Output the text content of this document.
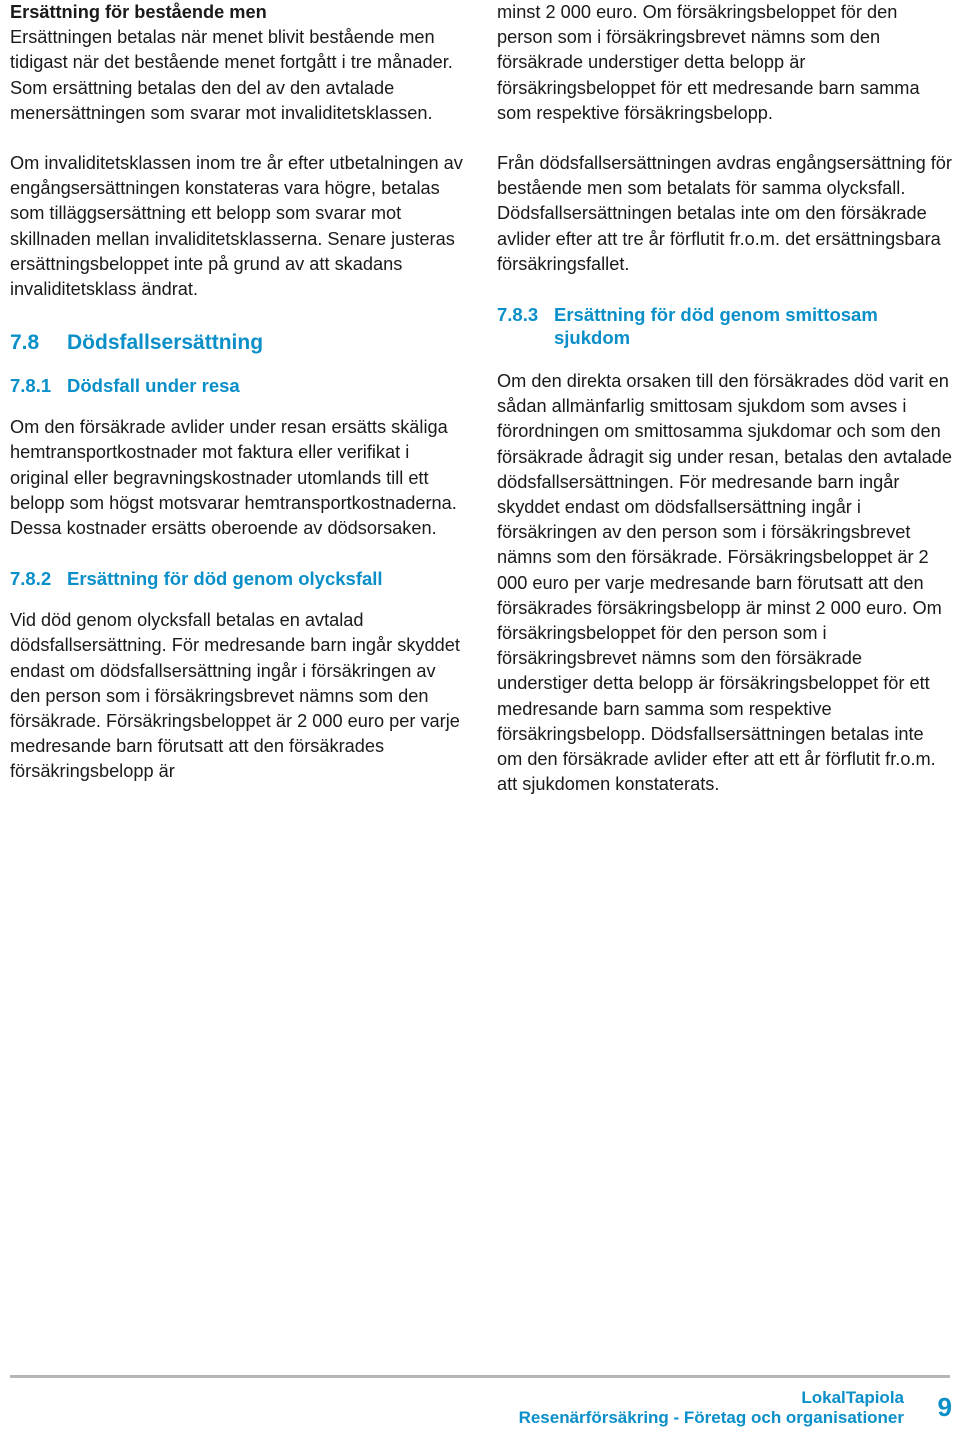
Ersättning för bestående men

Ersättningen betalas när menet blivit bestående men tidigast när det bestående menet fortgått i tre månader. Som ersättning betalas den del av den avtalade menersättningen som svarar mot invaliditetsklassen.

Om invaliditetsklassen inom tre år efter utbetalningen av engångsersättningen konstateras vara högre, betalas som tilläggsersättning ett belopp som svarar mot skillnaden mellan invaliditetsklasserna. Senare justeras ersättningsbeloppet inte på grund av att skadans invaliditetsklass ändrat.

7.8	Dödsfallsersättning
7.8.1 Dödsfall under resa

Om den försäkrade avlider under resan ersätts skäliga hemtransportkostnader mot faktura eller verifikat i original eller begravningskostnader utomlands till ett belopp som högst motsvarar hemtransportkostnaderna. Dessa kostnader ersätts oberoende av dödsorsaken.

7.8.2 Ersättning för död genom olycksfall

Vid död genom olycksfall betalas en avtalad dödsfallsersättning. För medresande barn ingår skyddet endast om dödsfallsersättning ingår i försäkringen av den person som i försäkringsbrevet nämns som den försäkrade. Försäkringsbeloppet är 2 000 euro per varje medresande barn förutsatt att den försäkrades försäkringsbelopp är

minst 2 000 euro. Om försäkringsbeloppet för den person som i försäkringsbrevet nämns som den försäkrade understiger detta belopp är försäkringsbeloppet för ett medresande barn samma som respektive försäkringsbelopp.

Från dödsfallsersättningen avdras engångsersättning för bestående men som betalats för samma olycksfall. Dödsfallsersättningen betalas inte om den försäkrade avlider efter att tre år förflutit fr.o.m. det ersättningsbara försäkringsfallet.

7.8.3 Ersättning för död genom smittosam sjukdom

Om den direkta orsaken till den försäkrades död varit en sådan allmänfarlig smittosam sjukdom som avses i förordningen om smittosamma sjukdomar och som den försäkrade ådragit sig under resan, betalas den avtalade dödsfallsersättningen. För medresande barn ingår skyddet endast om dödsfallsersättning ingår i försäkringen av den person som i försäkringsbrevet nämns som den försäkrade. Försäkringsbeloppet är 2 000 euro per varje medresande barn förutsatt att den försäkrades försäkringsbelopp är minst 2 000 euro. Om försäkringsbeloppet för den person som i försäkringsbrevet nämns som den försäkrade understiger detta belopp är försäkringsbeloppet för ett medresande barn samma som respektive försäkringsbelopp. Dödsfallsersättningen betalas inte om den försäkrade avlider efter att ett år förflutit fr.o.m. att sjukdomen konstaterats.

LokalTapiola
Resenärförsäkring - Företag och organisationer 9
